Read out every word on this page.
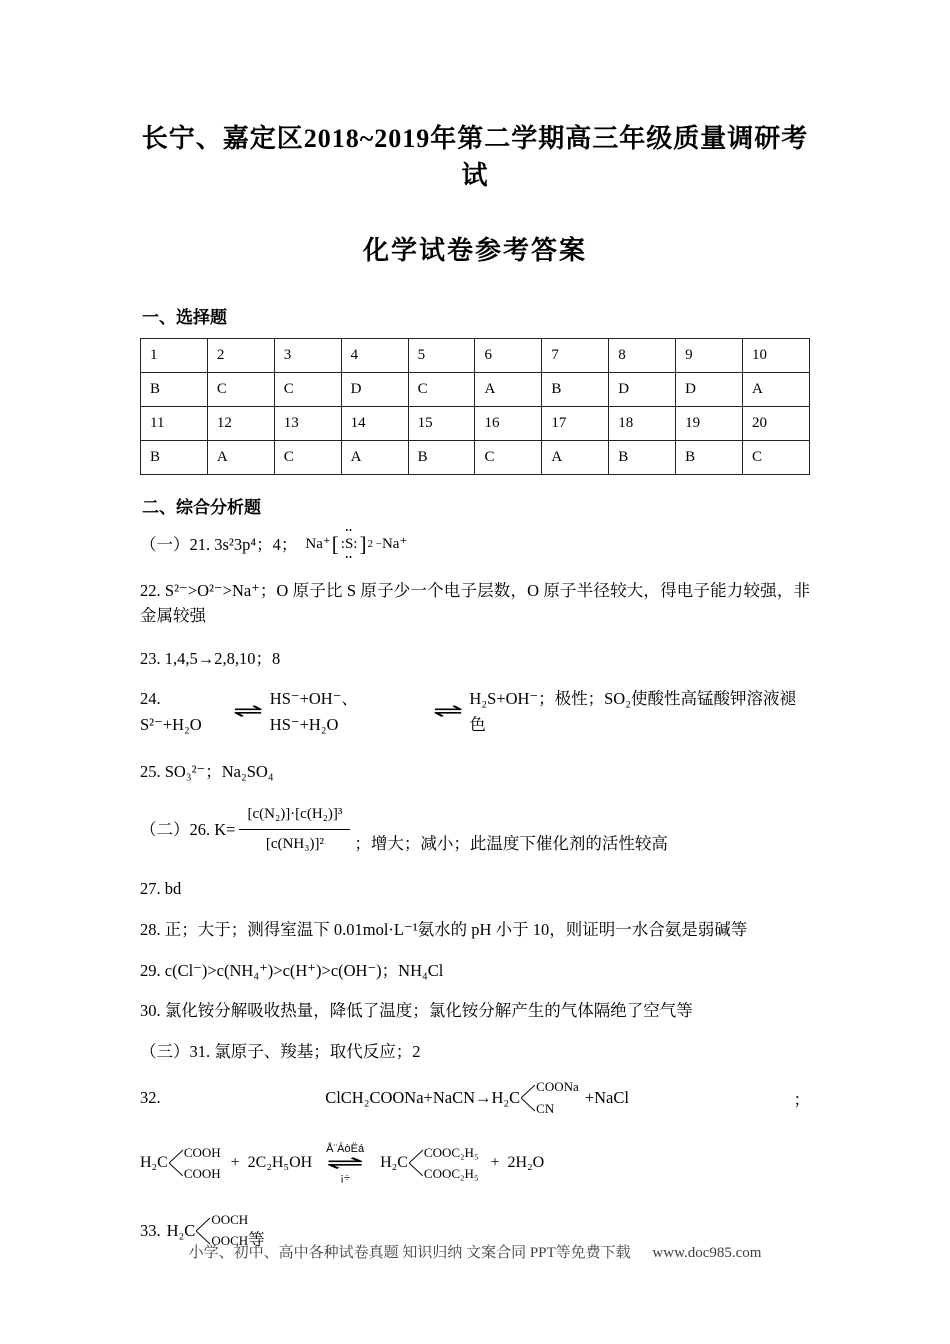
长宁、嘉定区2018~2019年第二学期高三年级质量调研考试
化学试卷参考答案
一、选择题
1	2	3	4	5	6	7	8	9	10
B	C	C	D	C	A	B	D	D	A
11	12	13	14	15	16	17	18	19	20
B	A	C	A	B	C	A	B	B	C
二、综合分析题

（一）21. 3s²3p⁴；4； Na⁺ [ •• :S: •• ] 2 − Na⁺

22. S²⁻>O²⁻>Na⁺；O 原子比 S 原子少一个电子层数，O 原子半径较大，得电子能力较强，非金属较强

23. 1,4,5→2,8,10；8

24. S²⁻+H₂O
⇌
HS⁻+OH⁻、HS⁻+H₂O
⇌
H₂S+OH⁻；极性；SO₂使酸性高锰酸钾溶液褪色

25. SO₃²⁻；Na₂SO₄

（二）26. $K= \frac{\text{[c(N₂)]·[c(H₂)]³}}{\text{[c(NH₃)]²}}$ ；增大；减小；此温度下催化剂的活性较高

27. bd

28. 正；大于；测得室温下 0.01mol·L⁻¹氨水的 pH 小于 10，则证明一水合氨是弱碱等

29. c(Cl⁻)>c(NH₄⁺)>c(H⁺)>c(OH⁻)；NH₄Cl

30. 氯化铵分解吸收热量，降低了温度；氯化铵分解产生的气体隔绝了空气等

（三）31. 氯原子、羧基；取代反应；2

32.	ClCH₂COONa+NaCN→H₂C
COONa
CN
+NaCl	；
H₂C
COOH
COOH
+  2C₂H₅OH
Å¨ÁòËá
⇌
¡÷
H₂C
COOC₂H₅
COOC₂H₅
+  2H₂O
33. H₂C
OOCH
OOCH 等
小学、初中、高中各种试卷真题 知识归纳 文案合同 PPT等免费下载 www.doc985.com
